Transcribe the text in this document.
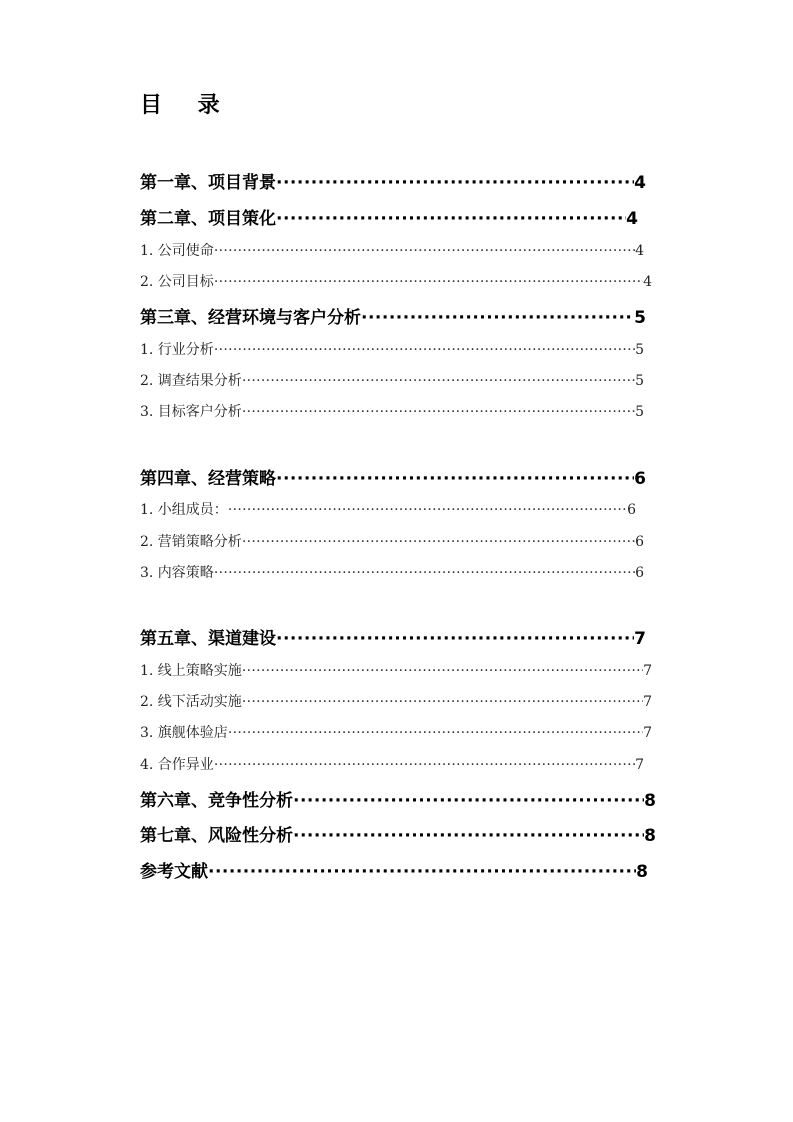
目 录
第一章、项目背景 ·····	4
第二章、项目策化 ·····	4
1. 公司使命 ·····	4
2. 公司目标 ·····	4
第三章、经营环境与客户分析 ·····	5
1. 行业分析 ·····	5
2. 调查结果分析 ·····	5
3. 目标客户分析 ·····	5
第四章、经营策略 ·····	6
1. 小组成员： ·····	6
2. 营销策略分析 ·····	6
3. 内容策略 ·····	6
第五章、渠道建设 ·····	7
1. 线上策略实施 ·····	7
2. 线下活动实施 ·····	7
3. 旗舰体验店 ·····	7
4. 合作异业 ·····	7
第六章、竞争性分析 ·····	8
第七章、风险性分析 ·····	8
参考文献 ·····	8
